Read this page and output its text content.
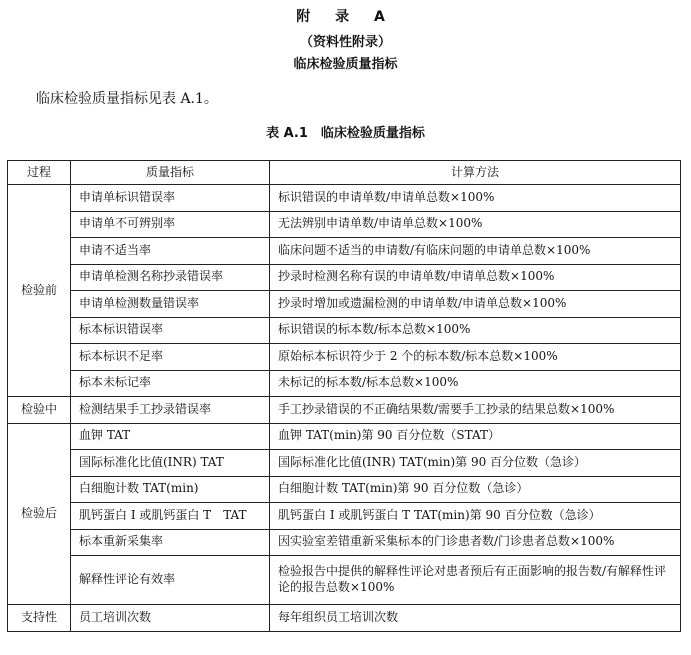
附 录 A
（资料性附录）
临床检验质量指标
临床检验质量指标见表 A.1。
表 A.1　临床检验质量指标
过程	质量指标	计算方法
检验前	申请单标识错误率	标识错误的申请单数/申请单总数×100%
	申请单不可辨别率	无法辨别申请单数/申请单总数×100%
	申请不适当率	临床问题不适当的申请数/有临床问题的申请单总数×100%
	申请单检测名称抄录错误率	抄录时检测名称有误的申请单数/申请单总数×100%
	申请单检测数量错误率	抄录时增加或遗漏检测的申请单数/申请单总数×100%
	标本标识错误率	标识错误的标本数/标本总数×100%
	标本标识不足率	原始标本标识符少于 2 个的标本数/标本总数×100%
	标本未标记率	未标记的标本数/标本总数×100%
检验中	检测结果手工抄录错误率	手工抄录错误的不正确结果数/需要手工抄录的结果总数×100%
检验后	血钾 TAT	血钾 TAT(min)第 90 百分位数（STAT）
	国际标准化比值(INR) TAT	国际标准化比值(INR) TAT(min)第 90 百分位数（急诊）
	白细胞计数 TAT(min)	白细胞计数 TAT(min)第 90 百分位数（急诊）
	肌钙蛋白 I 或肌钙蛋白 T　TAT	肌钙蛋白 I 或肌钙蛋白 T TAT(min)第 90 百分位数（急诊）
	标本重新采集率	因实验室差错重新采集标本的门诊患者数/门诊患者总数×100%
	解释性评论有效率	检验报告中提供的解释性评论对患者预后有正面影响的报告数/有解释性评论的报告总数×100%
支持性	员工培训次数	每年组织员工培训次数
